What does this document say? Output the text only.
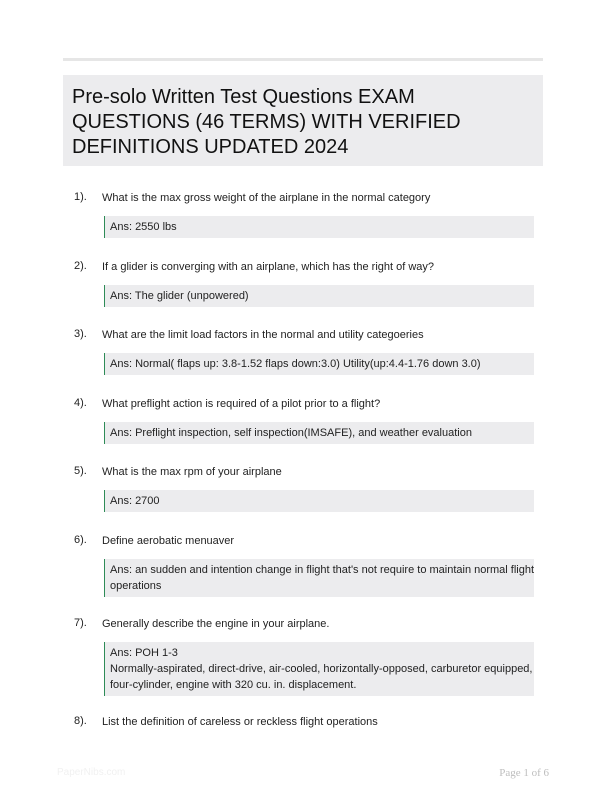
Pre-solo Written Test Questions EXAM QUESTIONS (46 TERMS) WITH VERIFIED DEFINITIONS UPDATED 2024
1). What is the max gross weight of the airplane in the normal category
Ans: 2550 lbs
2). If a glider is converging with an airplane, which has the right of way?
Ans: The glider (unpowered)
3). What are the limit load factors in the normal and utility categoeries
Ans: Normal( flaps up: 3.8-1.52 flaps down:3.0) Utility(up:4.4-1.76 down 3.0)
4). What preflight action is required of a pilot prior to a flight?
Ans: Preflight inspection, self inspection(IMSAFE), and weather evaluation
5). What is the max rpm of your airplane
Ans: 2700
6). Define aerobatic menuaver
Ans: an sudden and intention change in flight that's not require to maintain normal flight
operations
7). Generally describe the engine in your airplane.
Ans: POH 1-3
Normally-aspirated, direct-drive, air-cooled, horizontally-opposed, carburetor equipped,
four-cylinder, engine with 320 cu. in. displacement.
8). List the definition of careless or reckless flight operations
PaperNibs.com	Page 1 of 6
